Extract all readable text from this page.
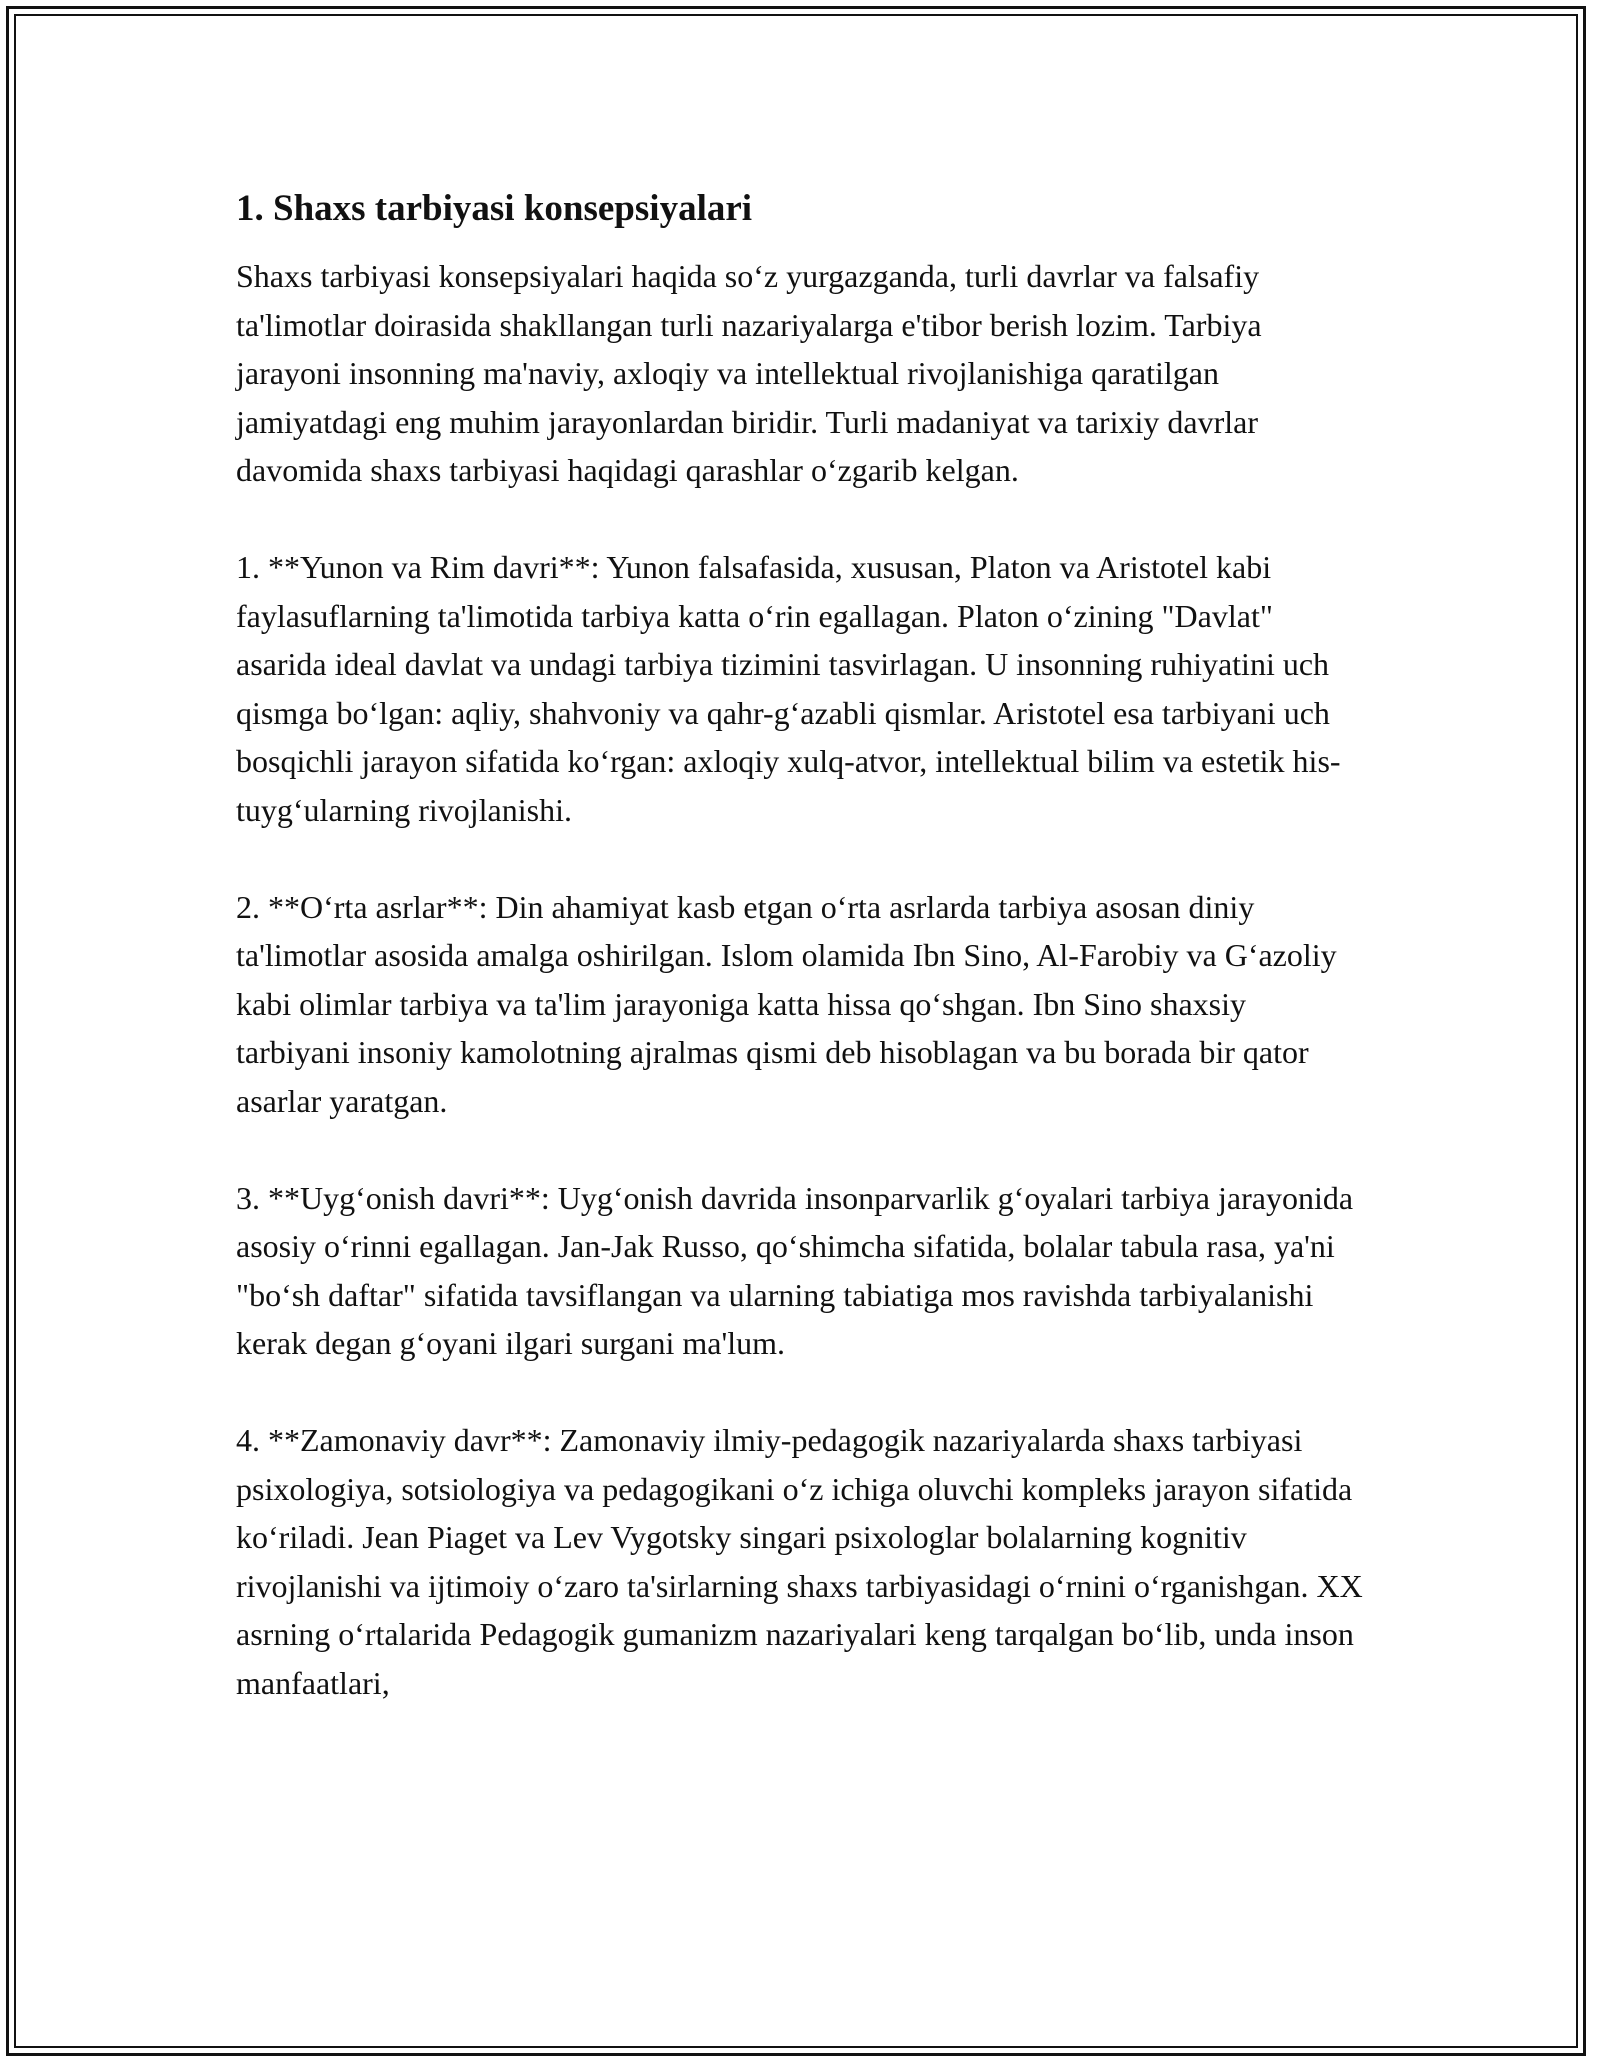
1. Shaxs tarbiyasi konsepsiyalari

Shaxs tarbiyasi konsepsiyalari haqida so‘z yurgazganda, turli davrlar va falsafiy ta'limotlar doirasida shakllangan turli nazariyalarga e'tibor berish lozim. Tarbiya jarayoni insonning ma'naviy, axloqiy va intellektual rivojlanishiga qaratilgan jamiyatdagi eng muhim jarayonlardan biridir. Turli madaniyat va tarixiy davrlar davomida shaxs tarbiyasi haqidagi qarashlar o‘zgarib kelgan.

1. **Yunon va Rim davri**: Yunon falsafasida, xususan, Platon va Aristotel kabi faylasuflarning ta'limotida tarbiya katta o‘rin egallagan. Platon o‘zining "Davlat" asarida ideal davlat va undagi tarbiya tizimini tasvirlagan. U insonning ruhiyatini uch qismga bo‘lgan: aqliy, shahvoniy va qahr-g‘azabli qismlar. Aristotel esa tarbiyani uch bosqichli jarayon sifatida ko‘rgan: axloqiy xulq-atvor, intellektual bilim va estetik his-tuyg‘ularning rivojlanishi.

2. **O‘rta asrlar**: Din ahamiyat kasb etgan o‘rta asrlarda tarbiya asosan diniy ta'limotlar asosida amalga oshirilgan. Islom olamida Ibn Sino, Al-Farobiy va G‘azoliy kabi olimlar tarbiya va ta'lim jarayoniga katta hissa qo‘shgan. Ibn Sino shaxsiy tarbiyani insoniy kamolotning ajralmas qismi deb hisoblagan va bu borada bir qator asarlar yaratgan.

3. **Uyg‘onish davri**: Uyg‘onish davrida insonparvarlik g‘oyalari tarbiya jarayonida asosiy o‘rinni egallagan. Jan-Jak Russo, qo‘shimcha sifatida, bolalar tabula rasa, ya'ni "bo‘sh daftar" sifatida tavsiflangan va ularning tabiatiga mos ravishda tarbiyalanishi kerak degan g‘oyani ilgari surgani ma'lum.

4. **Zamonaviy davr**: Zamonaviy ilmiy-pedagogik nazariyalarda shaxs tarbiyasi psixologiya, sotsiologiya va pedagogikani o‘z ichiga oluvchi kompleks jarayon sifatida ko‘riladi. Jean Piaget va Lev Vygotsky singari psixologlar bolalarning kognitiv rivojlanishi va ijtimoiy o‘zaro ta'sirlarning shaxs tarbiyasidagi o‘rnini o‘rganishgan. XX asrning o‘rtalarida Pedagogik gumanizm nazariyalari keng tarqalgan bo‘lib, unda inson manfaatlari,
